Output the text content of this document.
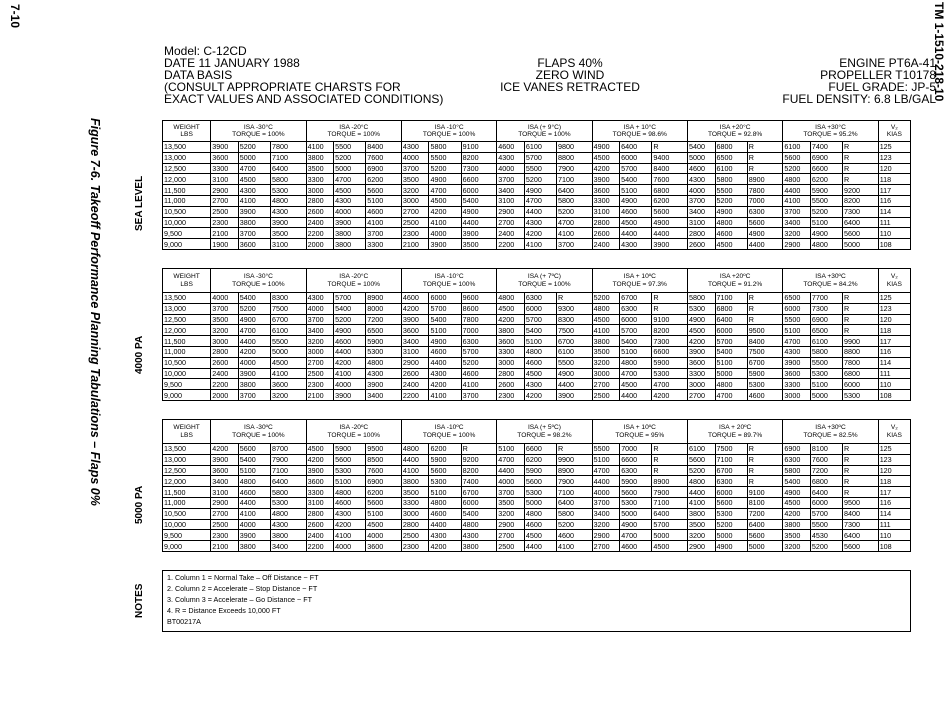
7-10	TM 1-1510-218-10
Figure 7-6. Takeoff Performance Planning Tabulations – Flaps 0%
Model: C-12CD
DATE 11 JANUARY 1988
DATA BASIS
(CONSULT APPROPRIATE CHARSTS FOR
EXACT VALUES AND ASSOCIATED CONDITIONS)
FLAPS 40%
ZERO WIND
ICE VANES RETRACTED
ENGINE PT6A-41
PROPELLER T10178
FUEL GRADE: JP-5
FUEL DENSITY: 6.8 LB/GAL
WEIGHT
LBS	ISA -30°C
TORQUE = 100%			ISA -20°C
TORQUE = 100%			ISA -10°C
TORQUE = 100%			ISA (+ 9°C)
TORQUE = 100%			ISA + 10°C
TORQUE = 98.6%			ISA +20°C
TORQUE = 92.8%			ISA +30°C
TORQUE = 95.2%			V₂
KIAS

13,500	3900	5200	7800	4100	5500	8400	4300	5800	9100	4600	6100	9800	4900	6400	R	5400	6800	R	6100	7400	R	125
13,000	3600	5000	7100	3800	5200	7600	4000	5500	8200	4300	5700	8800	4500	6000	9400	5000	6500	R	5600	6900	R	123
12,500	3300	4700	6400	3500	5000	6900	3700	5200	7300	4000	5500	7900	4200	5700	8400	4600	6100	R	5200	6600	R	120
12,000	3100	4500	5800	3300	4700	6200	3500	4900	6600	3700	5200	7100	3900	5400	7600	4300	5800	8900	4800	6200	R	118
11,500	2900	4300	5300	3000	4500	5600	3200	4700	6000	3400	4900	6400	3600	5100	6800	4000	5500	7800	4400	5900	9200	117
11,000	2700	4100	4800	2800	4300	5100	3000	4500	5400	3100	4700	5800	3300	4900	6200	3700	5200	7000	4100	5500	8200	116
10,500	2500	3900	4300	2600	4000	4600	2700	4200	4900	2900	4400	5200	3100	4600	5600	3400	4900	6300	3700	5200	7300	114
10,000	2300	3800	3900	2400	3900	4100	2500	4100	4400	2700	4300	4700	2800	4500	4900	3100	4800	5600	3400	5100	6400	111
9,500	2100	3700	3500	2200	3800	3700	2300	4000	3900	2400	4200	4100	2600	4400	4400	2800	4600	4900	3200	4900	5600	110
9,000	1900	3600	3100	2000	3800	3300	2100	3900	3500	2200	4100	3700	2400	4300	3900	2600	4500	4400	2900	4800	5000	108
SEA LEVEL
WEIGHT
LBS	ISA -30°C
TORQUE = 100%			ISA -20°C
TORQUE = 100%			ISA -10°C
TORQUE = 100%			ISA (+ 7ºC)
TORQUE = 100%			ISA + 10ºC
TORQUE = 97.3%			ISA +20ºC
TORQUE = 91.2%			ISA +30ºC
TORQUE = 84.2%			V₂
KIAS

13,500	4000	5400	8300	4300	5700	8900	4600	6000	9600	4800	6300	R	5200	6700	R	5800	7100	R	6500	7700	R	125
13,000	3700	5200	7500	4000	5400	8000	4200	5700	8600	4500	6000	9300	4800	6300	R	5300	6800	R	6000	7300	R	123
12,500	3500	4900	6700	3700	5200	7200	3900	5400	7800	4200	5700	8300	4500	6000	9100	4900	6400	R	5500	6900	R	120
12,000	3200	4700	6100	3400	4900	6500	3600	5100	7000	3800	5400	7500	4100	5700	8200	4500	6000	9500	5100	6500	R	118
11,500	3000	4400	5500	3200	4600	5900	3400	4900	6300	3600	5100	6700	3800	5400	7300	4200	5700	8400	4700	6100	9900	117
11,000	2800	4200	5000	3000	4400	5300	3100	4600	5700	3300	4800	6100	3500	5100	6600	3900	5400	7500	4300	5800	8800	116
10,500	2600	4000	4500	2700	4200	4800	2900	4400	5200	3000	4600	5500	3200	4800	5900	3600	5100	6700	3900	5500	7800	114
10,000	2400	3900	4100	2500	4100	4300	2600	4300	4600	2800	4500	4900	3000	4700	5300	3300	5000	5900	3600	5300	6800	111
9,500	2200	3800	3600	2300	4000	3900	2400	4200	4100	2600	4300	4400	2700	4500	4700	3000	4800	5300	3300	5100	6000	110
9,000	2000	3700	3200	2100	3900	3400	2200	4100	3700	2300	4200	3900	2500	4400	4200	2700	4700	4600	3000	5000	5300	108
4000 PA
WEIGHT
LBS	ISA -30ºC
TORQUE = 100%			ISA -20ºC
TORQUE = 100%			ISA -10ºC
TORQUE = 100%			ISA (+ 5ºC)
TORQUE = 98.2%			ISA + 10ºC
TORQUE = 95%			ISA + 20ºC
TORQUE = 89.7%			ISA +30ºC
TORQUE = 82.5%			V₂
KIAS

13,500	4200	5600	8700	4500	5900	9500	4800	6200	R	5100	6600	R	5500	7000	R	6100	7500	R	6900	8100	R	125
13,000	3900	5400	7900	4200	5600	8500	4400	5900	9200	4700	6200	9900	5100	6600	R	5600	7100	R	6300	7600	R	123
12,500	3600	5100	7100	3900	5300	7600	4100	5600	8200	4400	5900	8900	4700	6300	R	5200	6700	R	5800	7200	R	120
12,000	3400	4800	6400	3600	5100	6900	3800	5300	7400	4000	5600	7900	4400	5900	8900	4800	6300	R	5400	6800	R	118
11,500	3100	4600	5800	3300	4800	6200	3500	5100	6700	3700	5300	7100	4000	5600	7900	4400	6000	9100	4900	6400	R	117
11,000	2900	4400	5300	3100	4600	5600	3300	4800	6000	3500	5000	6400	3700	5300	7100	4100	5600	8100	4500	6000	9500	116
10,500	2700	4100	4800	2800	4300	5100	3000	4600	5400	3200	4800	5800	3400	5000	6400	3800	5300	7200	4200	5700	8400	114
10,000	2500	4000	4300	2600	4200	4500	2800	4400	4800	2900	4600	5200	3200	4900	5700	3500	5200	6400	3800	5500	7300	111
9,500	2300	3900	3800	2400	4100	4000	2500	4300	4300	2700	4500	4600	2900	4700	5000	3200	5000	5600	3500	4530	6400	110
9,000	2100	3800	3400	2200	4000	3600	2300	4200	3800	2500	4400	4100	2700	4600	4500	2900	4900	5000	3200	5200	5600	108
5000 PA
NOTES
1. Column 1 = Normal Take – Off Distance ~ FT
2. Column 2 = Accelerate – Stop Distance ~ FT
3. Column 3 = Accelerate – Go Distance ~ FT
4. R = Distance Exceeds 10,000 FT
BT00217A
